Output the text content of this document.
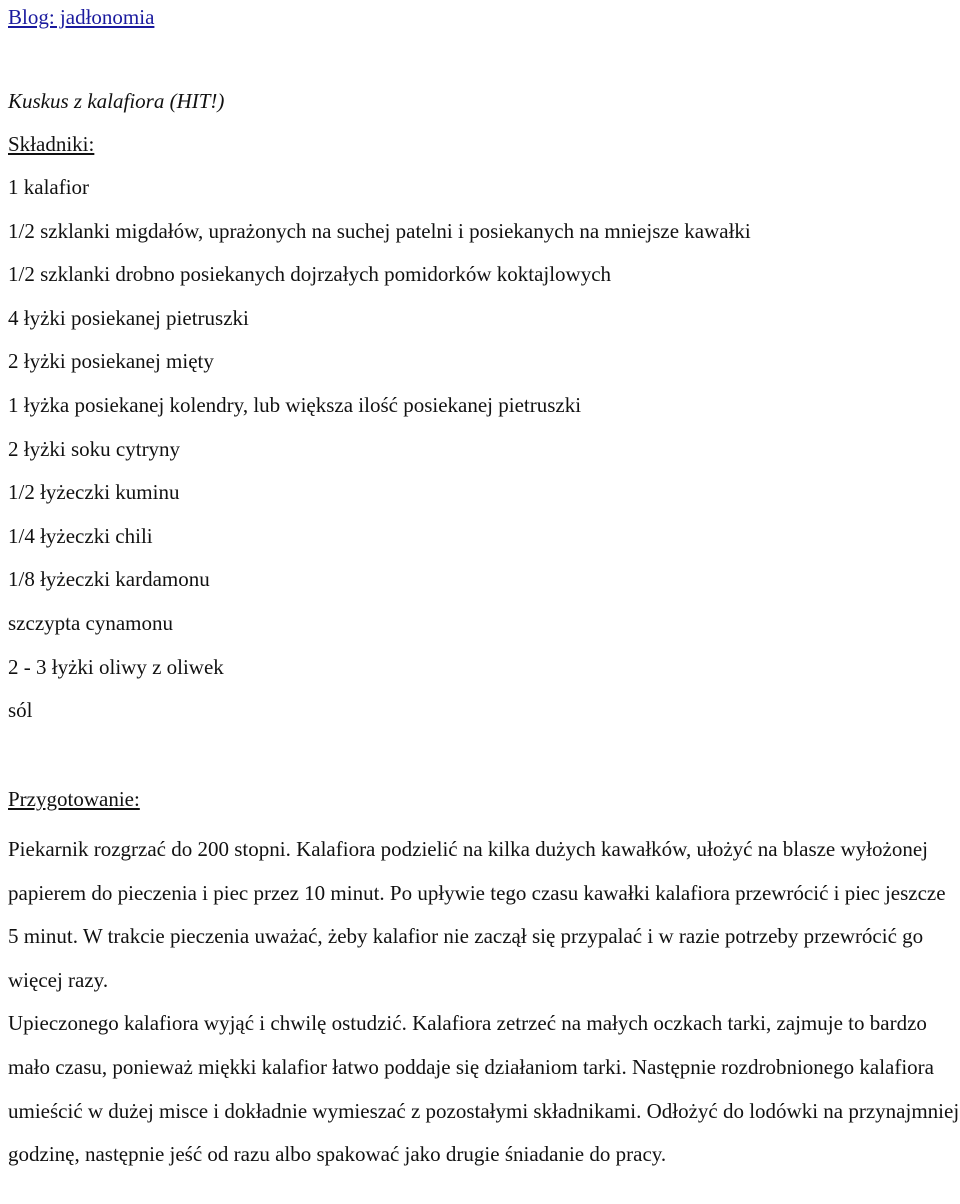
Blog: jadłonomia
Kuskus z kalafiora (HIT!)
Składniki:
1 kalafior
1/2 szklanki migdałów, uprażonych na suchej patelni i posiekanych na mniejsze kawałki
1/2 szklanki drobno posiekanych dojrzałych pomidorków koktajlowych
4 łyżki posiekanej pietruszki
2 łyżki posiekanej mięty
1 łyżka posiekanej kolendry, lub większa ilość posiekanej pietruszki
2 łyżki soku cytryny
1/2 łyżeczki kuminu
1/4 łyżeczki chili
1/8 łyżeczki kardamonu
szczypta cynamonu
2 - 3 łyżki oliwy z oliwek
sól
Przygotowanie:

Piekarnik rozgrzać do 200 stopni. Kalafiora podzielić na kilka dużych kawałków, ułożyć na blasze wyłożonej papierem do pieczenia i piec przez 10 minut. Po upływie tego czasu kawałki kalafiora przewrócić i piec jeszcze 5 minut. W trakcie pieczenia uważać, żeby kalafior nie zaczął się przypalać i w razie potrzeby przewrócić go więcej razy.

Upieczonego kalafiora wyjąć i chwilę ostudzić. Kalafiora zetrzeć na małych oczkach tarki, zajmuje to bardzo mało czasu, ponieważ miękki kalafior łatwo poddaje się działaniom tarki. Następnie rozdrobnionego kalafiora umieścić w dużej misce i dokładnie wymieszać z pozostałymi składnikami. Odłożyć do lodówki na przynajmniej godzinę, następnie jeść od razu albo spakować jako drugie śniadanie do pracy.
